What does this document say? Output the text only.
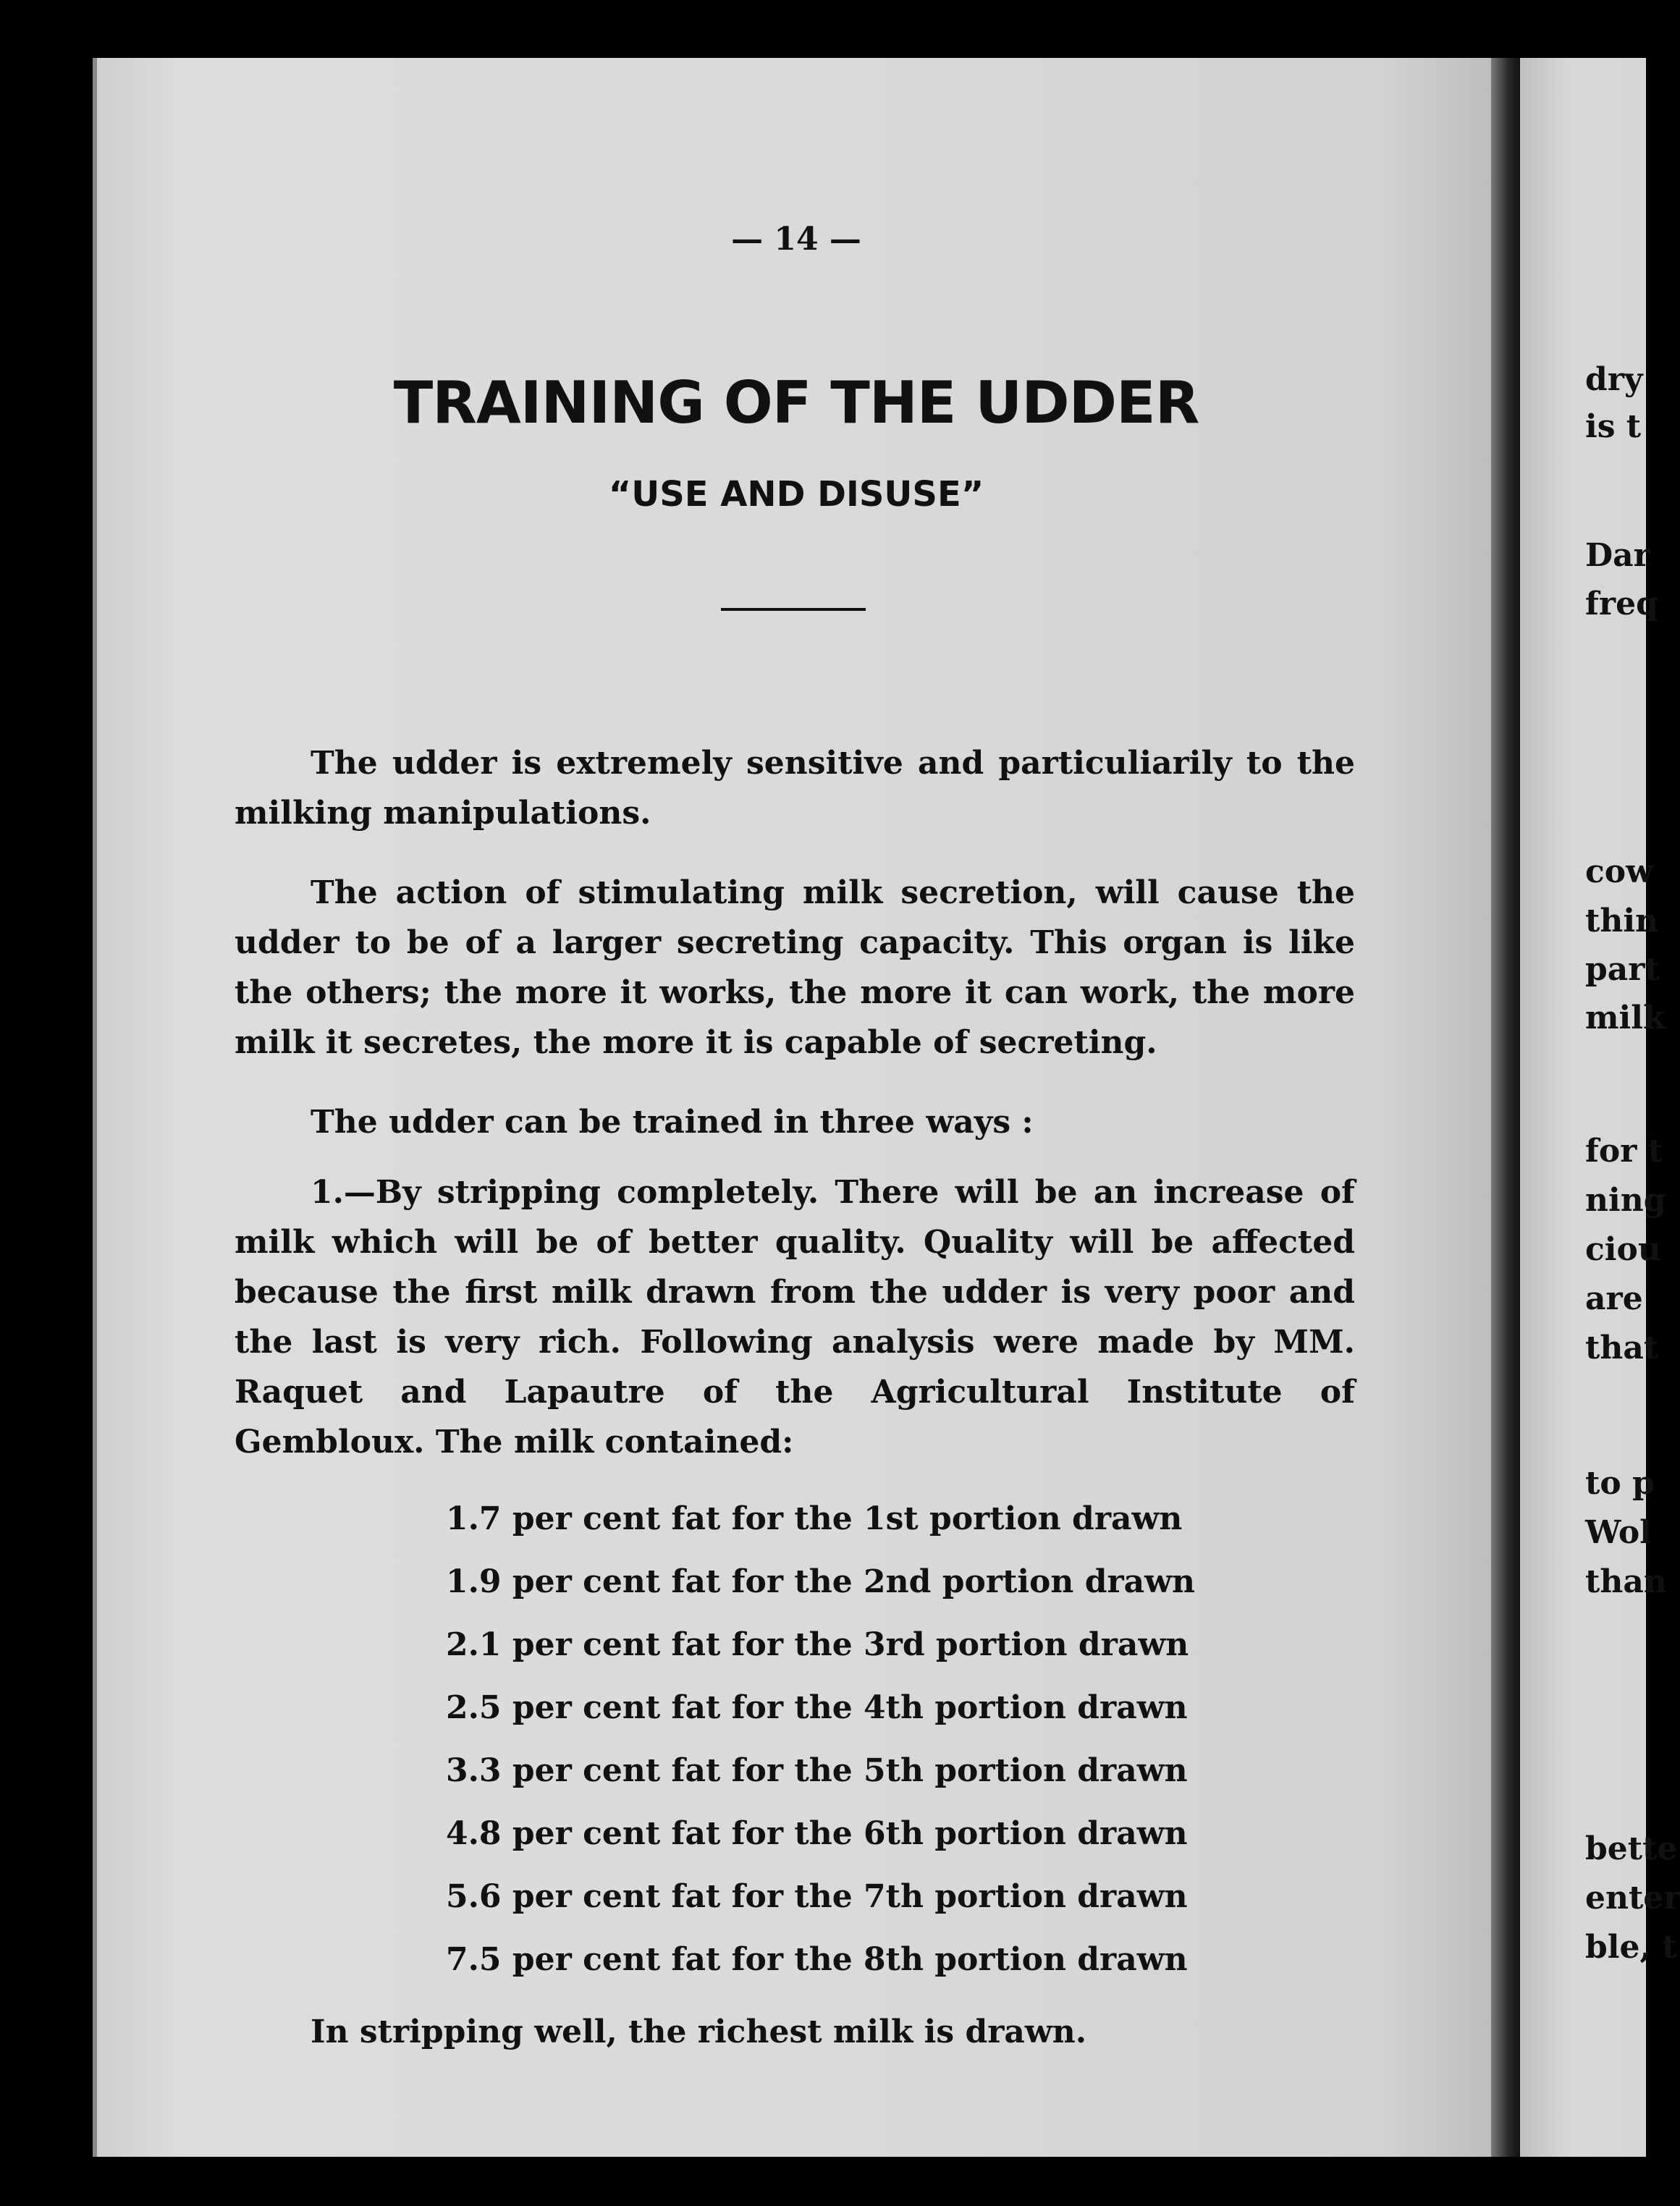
— 14 —
TRAINING OF THE UDDER
“USE AND DISUSE”

The udder is extremely sensitive and particuliarily to the milking manipulations.

The action of stimulating milk secretion, will cause the udder to be of a larger secreting capacity. This organ is like the others; the more it works, the more it can work, the more milk it secretes, the more it is capable of secreting.

The udder can be trained in three ways :

1.—By stripping completely. There will be an increase of milk which will be of better quality. Quality will be affected because the first milk drawn from the udder is very poor and the last is very rich. Following analysis were made by MM. Raquet and Lapautre of the Agricultural Institute of Gembloux. The milk contained:

1.7 per cent fat for the 1st portion drawn
1.9 per cent fat for the 2nd portion drawn
2.1 per cent fat for the 3rd portion drawn
2.5 per cent fat for the 4th portion drawn
3.3 per cent fat for the 5th portion drawn
4.8 per cent fat for the 6th portion drawn
5.6 per cent fat for the 7th portion drawn
7.5 per cent fat for the 8th portion drawn

In stripping well, the richest milk is drawn.

dry
is t
Dar
freq
cow
thin
part
milk
for t
ning
ciou
are
that
to p
Wol
than
bette
enter
ble, t
